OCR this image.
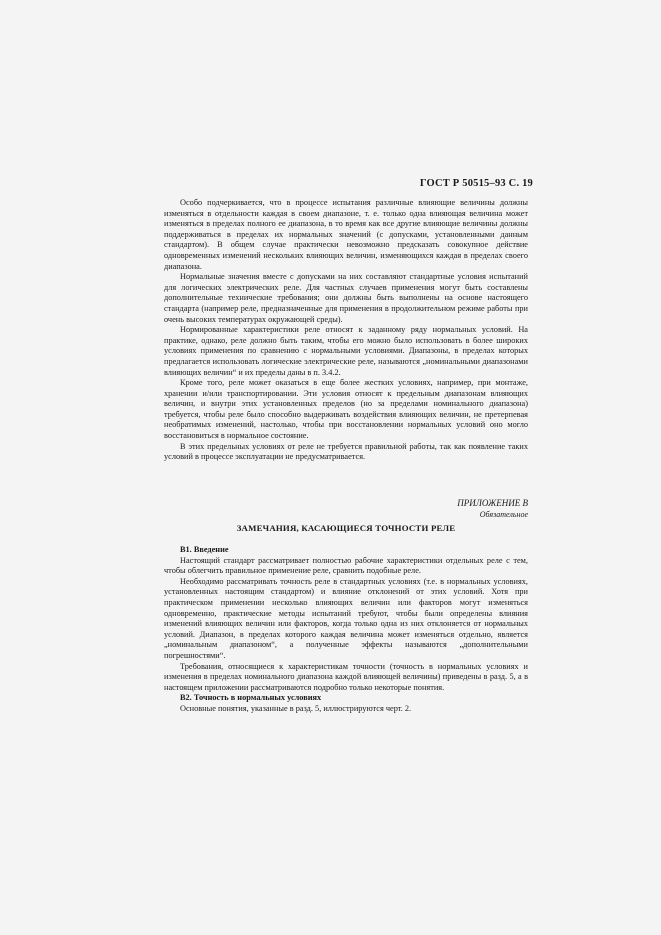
ГОСТ Р 50515–93 С. 19

Особо подчеркивается, что в процессе испытания различные влияющие величины должны изменяться в отдельности каждая в своем диапазоне, т. е. только одна влияющая величина может изменяться в пределах полного ее диапазона, в то время как все другие влияющие величины должны поддерживаться в пределах их нормальных значений (с допусками, установленными данным стандартом). В общем случае практически невозможно предсказать совокупное действие одновременных изменений нескольких влияющих величин, изменяющихся каждая в пределах своего диапазона.

Нормальные значения вместе с допусками на них составляют стандартные условия испытаний для логических электрических реле. Для частных случаев применения могут быть составлены дополнительные технические требования; они должны быть выполнены на основе настоящего стандарта (например реле, предназначенные для применения в продолжительном режиме работы при очень высоких температурах окружающей среды).

Нормированные характеристики реле относят к заданному ряду нормальных условий. На практике, однако, реле должно быть таким, чтобы его можно было использовать в более широких условиях применения по сравнению с нормальными условиями. Диапазоны, в пределах которых предлагается использовать логические электрические реле, называются „номинальными диапазонами влияющих величин“ и их пределы даны в п. 3.4.2.

Кроме того, реле может оказаться в еще более жестких условиях, например, при монтаже, хранении и/или транспортировании. Эти условия относят к предельным диапазонам влияющих величин, и внутри этих установленных пределов (но за пределами номинального диапазона) требуется, чтобы реле было способно выдерживать воздействия влияющих величин, не претерпевая необратимых изменений, настолько, чтобы при восстановлении нормальных условий оно могло восстановиться в нормальное состояние.

В этих предельных условиях от реле не требуется правильной работы, так как появление таких условий в процессе эксплуатации не предусматривается.

ПРИЛОЖЕНИЕ В
Обязательное
ЗАМЕЧАНИЯ, КАСАЮЩИЕСЯ ТОЧНОСТИ РЕЛЕ

В1. Введение

Настоящий стандарт рассматривает полностью рабочие характеристики отдельных реле с тем, чтобы облегчить правильное применение реле, сравнить подобные реле.

Необходимо рассматривать точность реле в стандартных условиях (т.е. в нормальных условиях, установленных настоящим стандартом) и влияние отклонений от этих условий. Хотя при практическом применении несколько влияющих величин или факторов могут изменяться одновременно, практические методы испытаний требуют, чтобы были определены влияния изменений влияющих величин или факторов, когда только одна из них отклоняется от нормальных условий. Диапазон, в пределах которого каждая величина может изменяться отдельно, является „номинальным диапазоном“, а полученные эффекты называются „дополнительными погрешностями“.

Требования, относящиеся к характеристикам точности (точность в нормальных условиях и изменения в пределах номинального диапазона каждой влияющей величины) приведены в разд. 5, а в настоящем приложении рассматриваются подробно только некоторые понятия.

В2. Точность в нормальных условиях

Основные понятия, указанные в разд. 5, иллюстрируются черт. 2.
